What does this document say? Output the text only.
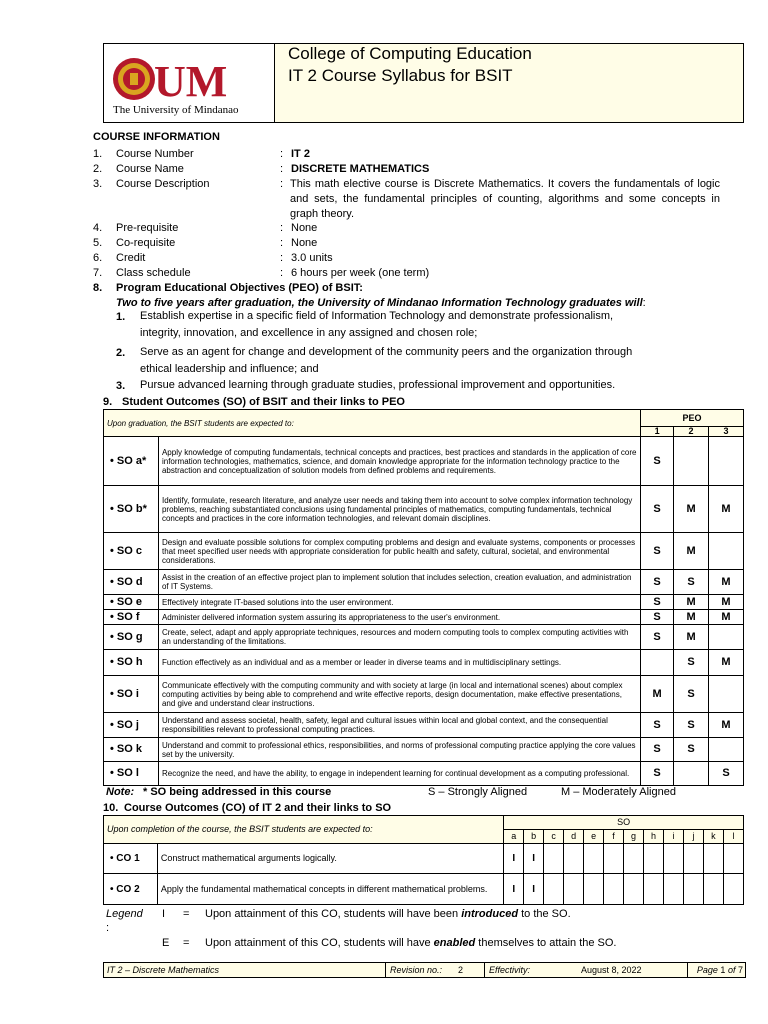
UM
The University of Mindanao
College of Computing Education
IT 2 Course Syllabus for BSIT
COURSE INFORMATION
1. Course Number	: IT 2
2. Course Name	: DISCRETE MATHEMATICS
3. Course Description	: This math elective course is Discrete Mathematics. It covers the fundamentals of logic and sets, the fundamental principles of counting, algorithms and some concepts in graph theory.
4. Pre-requisite	: None
5. Co-requisite	: None
6. Credit	: 3.0 units
7. Class schedule	: 6 hours per week (one term)
8. Program Educational Objectives (PEO) of BSIT:
Two to five years after graduation, the University of Mindanao Information Technology graduates will:
1. Establish expertise in a specific field of Information Technology and demonstrate professionalism,
integrity, innovation, and excellence in any assigned and chosen role;
2. Serve as an agent for change and development of the community peers and the organization through
ethical leadership and influence; and
3. Pursue advanced learning through graduate studies, professional improvement and opportunities.
9. Student Outcomes (SO) of BSIT and their links to PEO
Upon graduation, the BSIT students are expected to:		PEO		
		1	2	3
• SO a*	Apply knowledge of computing fundamentals, technical concepts and practices, best practices and standards in the application of core information technologies, mathematics, science, and domain knowledge appropriate for the information technology practice to the abstraction and conceptualization of solution models from defined problems and requirements.	S		
• SO b*	Identify, formulate, research literature, and analyze user needs and taking them into account to solve complex information technology problems, reaching substantiated conclusions using fundamental principles of mathematics, computing fundamentals, technical concepts and practices in the core information technologies, and relevant domain disciplines.	S	M	M
• SO c	Design and evaluate possible solutions for complex computing problems and design and evaluate systems, components or processes that meet specified user needs with appropriate consideration for public health and safety, cultural, societal, and environmental considerations.	S	M	
• SO d	Assist in the creation of an effective project plan to implement solution that includes selection, creation evaluation, and administration of IT Systems.	S	S	M
• SO e	Effectively integrate IT-based solutions into the user environment.	S	M	M
• SO f	Administer delivered information system assuring its appropriateness to the user's environment.	S	M	M
• SO g	Create, select, adapt and apply appropriate techniques, resources and modern computing tools to complex computing activities with an understanding of the limitations.	S	M	
• SO h	Function effectively as an individual and as a member or leader in diverse teams and in multidisciplinary settings.		S	M
• SO i	Communicate effectively with the computing community and with society at large (in local and international scenes) about complex computing activities by being able to comprehend and write effective reports, design documentation, make effective presentations, and give and understand clear instructions.	M	S	
• SO j	Understand and assess societal, health, safety, legal and cultural issues within local and global context, and the consequential responsibilities relevant to professional computing practices.	S	S	M
• SO k	Understand and commit to professional ethics, responsibilities, and norms of professional computing practice applying the core values set by the university.	S	S	
• SO l	Recognize the need, and have the ability, to engage in independent learning for continual development as a computing professional.	S		S
Note: * SO being addressed in this course	S – Strongly Aligned	M – Moderately Aligned
10. Course Outcomes (CO) of IT 2 and their links to SO
Upon completion of the course, the BSIT students are expected to:		SO											
		a	b	c	d	e	f	g	h	i	j	k	l
• CO 1	Construct mathematical arguments logically.	I	I										
• CO 2	Apply the fundamental mathematical concepts in different mathematical problems.	I	I										
Legend
:
I = Upon attainment of this CO, students will have been introduced to the SO.
E = Upon attainment of this CO, students will have enabled themselves to attain the SO.
IT 2 – Discrete Mathematics	Revision no.: 2	Effectivity:	August 8, 2022	Page 1 of 7
